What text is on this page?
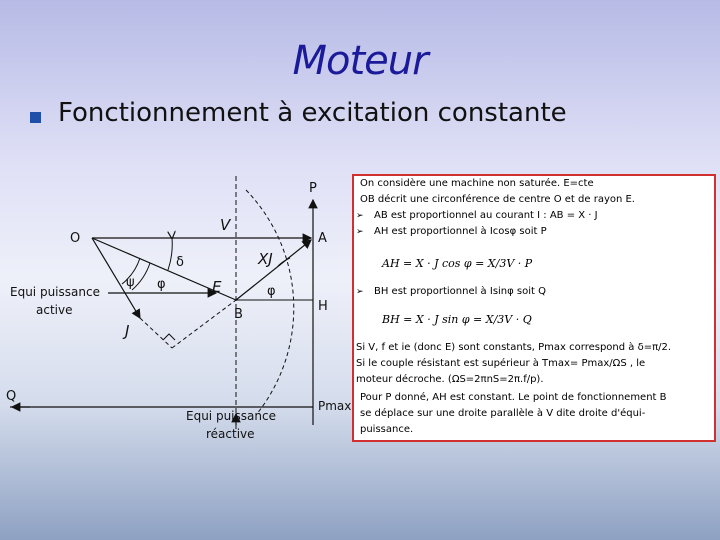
Moteur
Fonctionnement à excitation constante
O	A
B
H
P
Q
Pmax
V
XJ
E
J
δ
ψ φ	φ
Equi puissance
active
Equi puissance
réactive
On considère une machine non saturée. E=cte
OB décrit une circonférence de centre O et de rayon E.
➢ AB est proportionnel au courant I : AB = X · J
➢ AH est proportionnel à Icosφ soit P
AH = X · J cos φ = X/3V · P
➢ BH est proportionnel à Isinφ soit Q
BH = X · J sin φ = X/3V · Q
Si V, f et ie (donc E) sont constants, Pmax correspond à δ=π/2.
Si le couple résistant est supérieur à Tmax= Pmax/ΩS , le
moteur décroche. (ΩS=2πnS=2π.f/p).
Pour P donné, AH est constant. Le point de fonctionnement B
se déplace sur une droite parallèle à V dite droite d'équi-
puissance.
